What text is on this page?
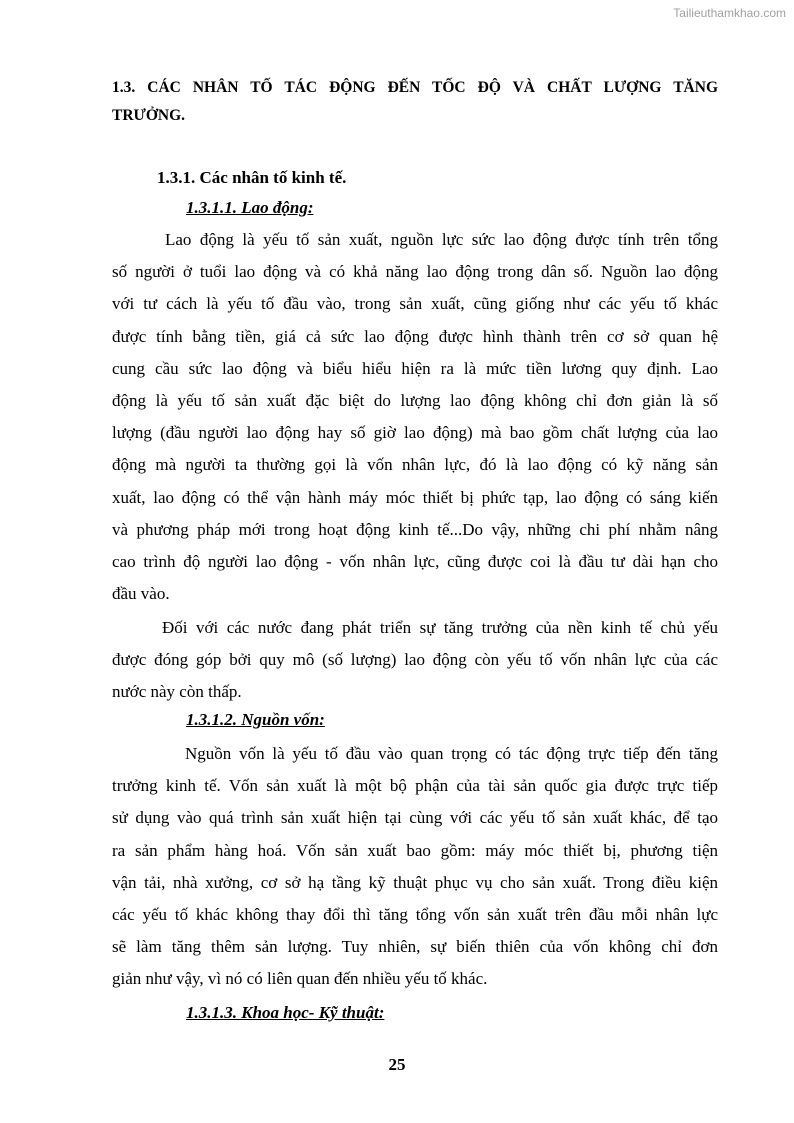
Tailieuthamkhao.com
1.3. CÁC NHÂN TỐ TÁC ĐỘNG ĐẾN TỐC ĐỘ VÀ CHẤT LƯỢNG TĂNG
TRƯỞNG.
1.3.1. Các nhân tố kinh tế.
1.3.1.1. Lao động:
Lao động là yếu tố sản xuất, nguồn lực sức lao động được tính trên tổng
số người ở tuổi lao động và có khả năng lao động trong dân số. Nguồn lao động
với tư cách là yếu tố đầu vào, trong sản xuất, cũng giống như các yếu tố khác
được tính bằng tiền, giá cả sức lao động được hình thành trên cơ sở quan hệ
cung cầu sức lao động và biểu hiểu hiện ra là mức tiền lương quy định. Lao
động là yếu tố sản xuất đặc biệt do lượng lao động không chỉ đơn giản là số
lượng (đầu người lao động hay số giờ lao động) mà bao gồm chất lượng của lao
động mà người ta thường gọi là vốn nhân lực, đó là lao động có kỹ năng sản
xuất, lao động có thể vận hành máy móc thiết bị phức tạp, lao động có sáng kiến
và phương pháp mới trong hoạt động kinh tế...Do vậy, những chi phí nhằm nâng
cao trình độ người lao động - vốn nhân lực, cũng được coi là đầu tư dài hạn cho
đầu vào.
Đối với các nước đang phát triển sự tăng trưởng của nền kinh tế chủ yếu
được đóng góp bởi quy mô (số lượng) lao động còn yếu tố vốn nhân lực của các
nước này còn thấp.
1.3.1.2. Nguồn vốn:
Nguồn vốn là yếu tố đầu vào quan trọng có tác động trực tiếp đến tăng
trưởng kinh tế. Vốn sản xuất là một bộ phận của tài sản quốc gia được trực tiếp
sử dụng vào quá trình sản xuất hiện tại cùng với các yếu tố sản xuất khác, để tạo
ra sản phẩm hàng hoá. Vốn sản xuất bao gồm: máy móc thiết bị, phương tiện
vận tải, nhà xưởng, cơ sở hạ tầng kỹ thuật phục vụ cho sản xuất. Trong điều kiện
các yếu tố khác không thay đổi thì tăng tổng vốn sản xuất trên đầu mỗi nhân lực
sẽ làm tăng thêm sản lượng. Tuy nhiên, sự biến thiên của vốn không chỉ đơn
giản như vậy, vì nó có liên quan đến nhiều yếu tố khác.
1.3.1.3. Khoa học- Kỹ thuật:
25
